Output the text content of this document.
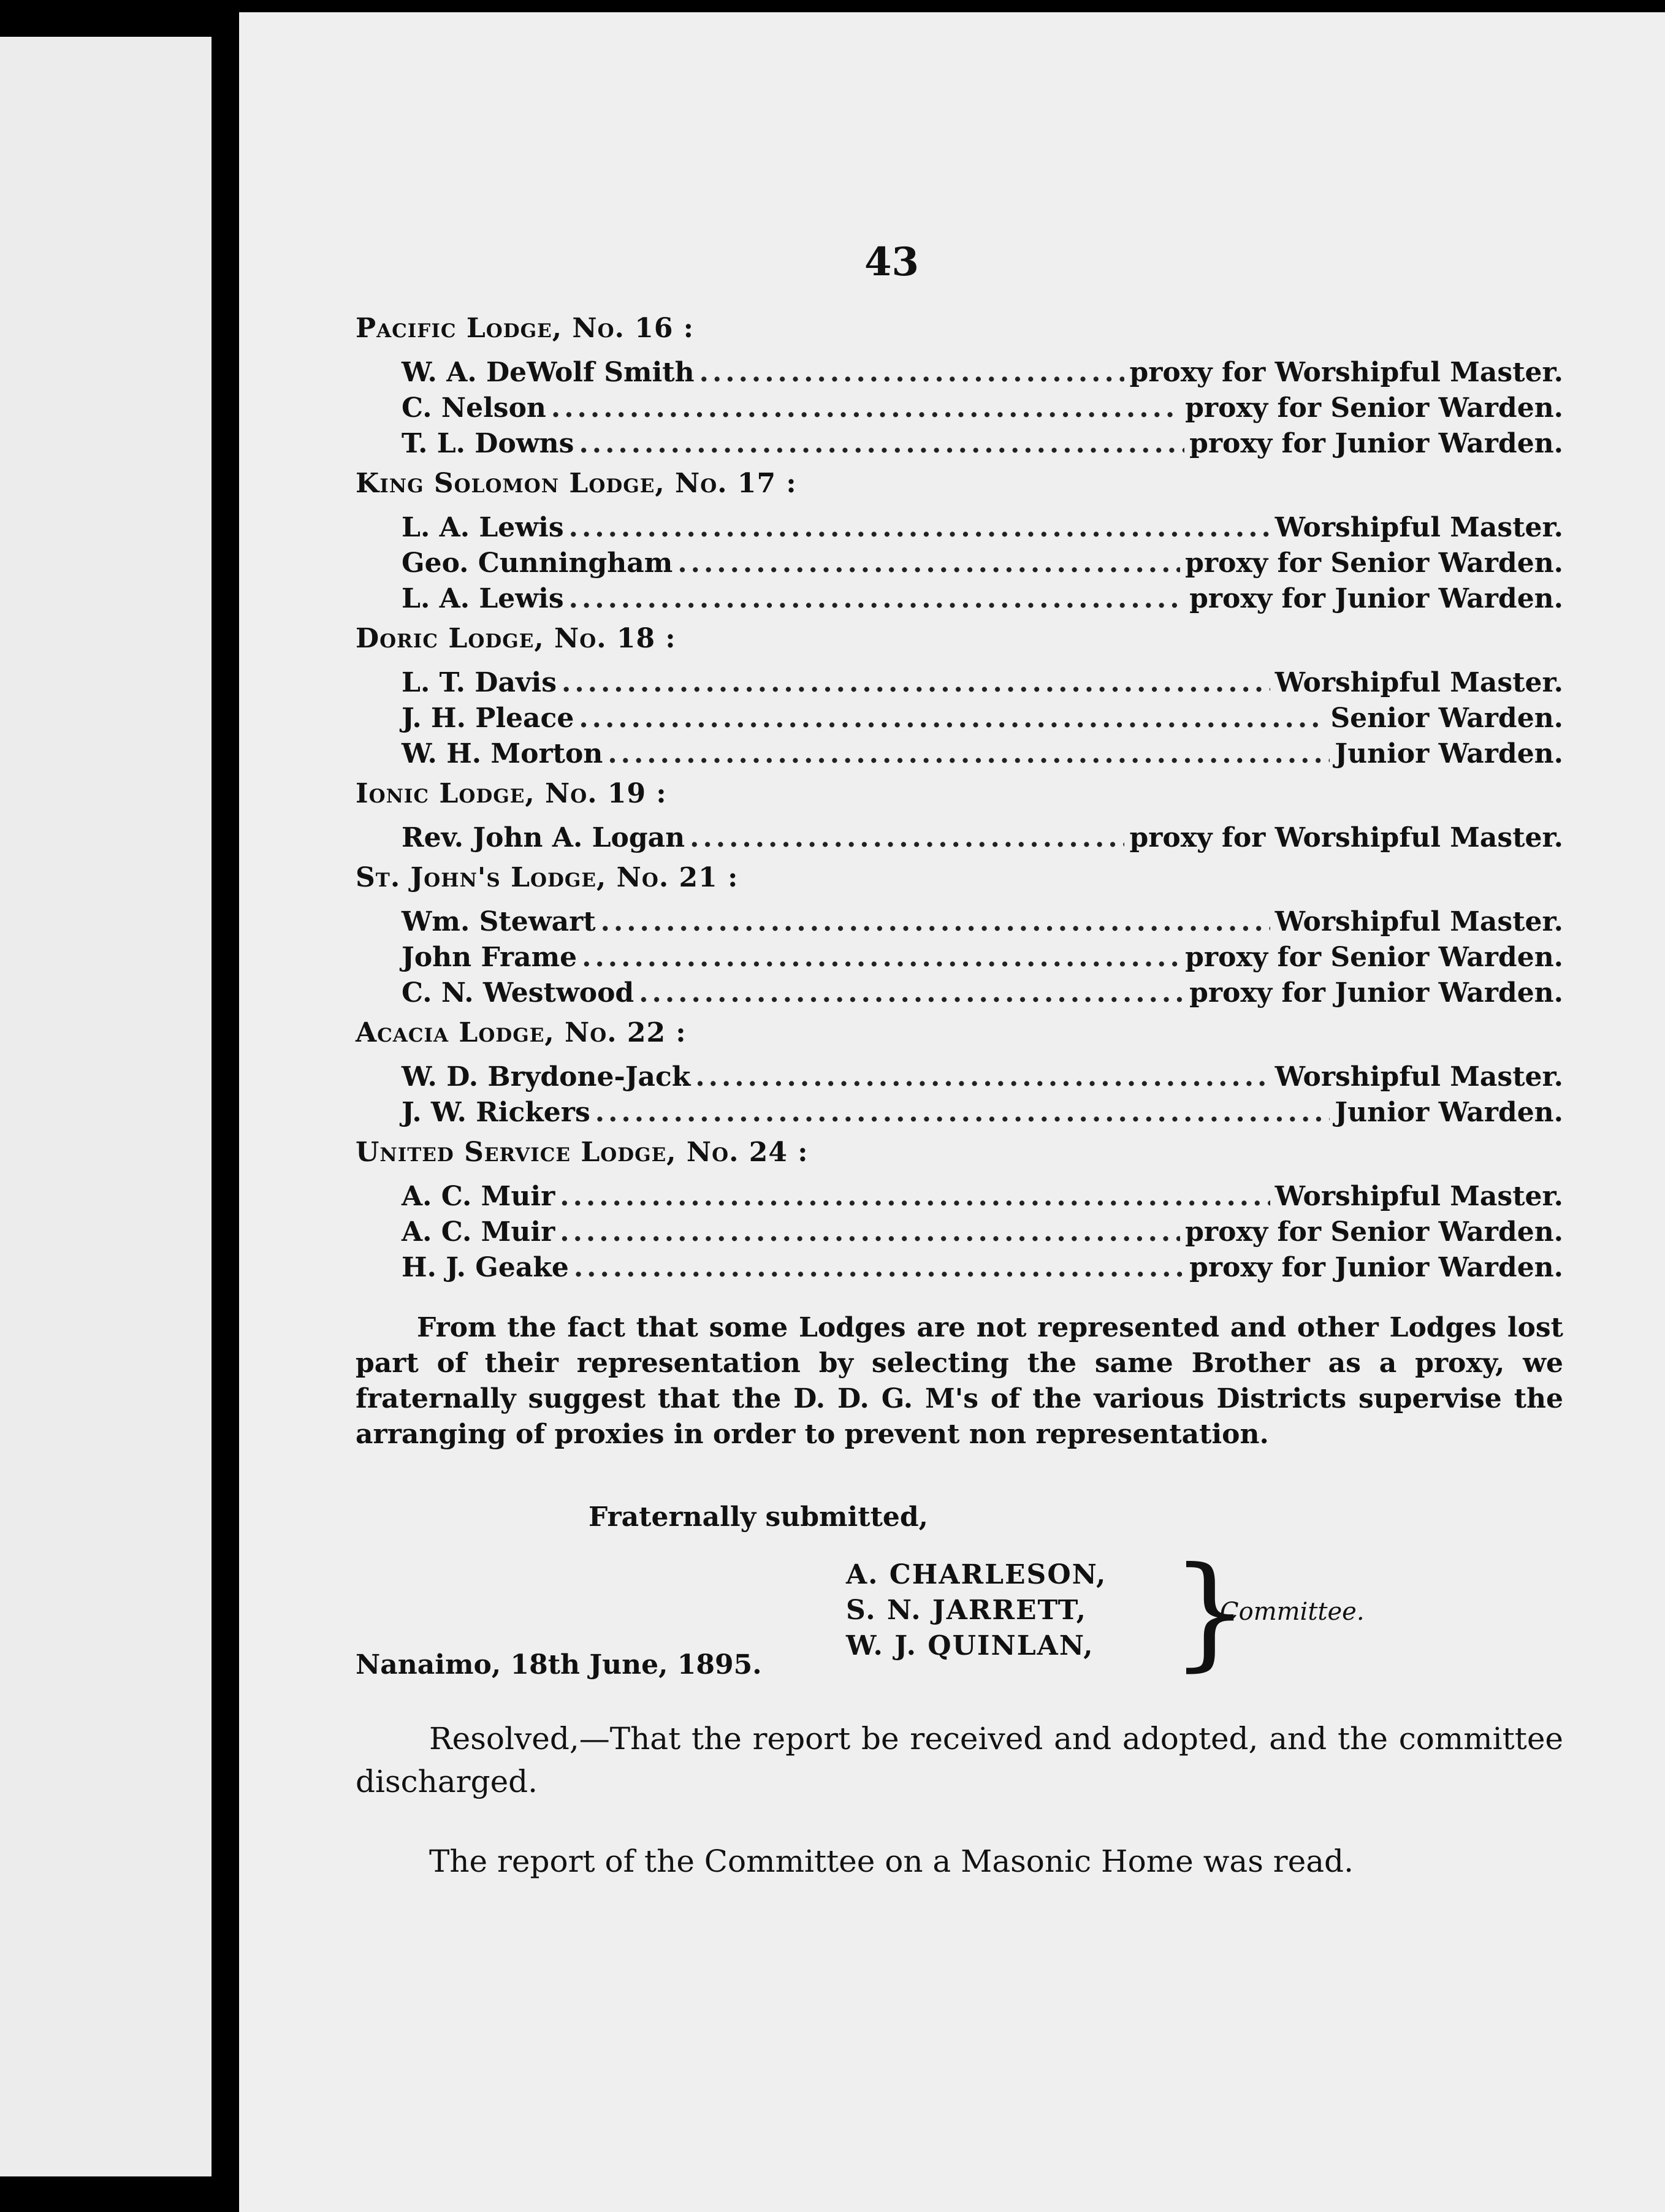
43
Pacific Lodge, No. 16 :
W. A. DeWolf Smith .....	proxy for Worshipful Master.
C. Nelson .....	proxy for Senior Warden.
T. L. Downs .....	proxy for Junior Warden.
King Solomon Lodge, No. 17 :
L. A. Lewis .....	Worshipful Master.
Geo. Cunningham .....	proxy for Senior Warden.
L. A. Lewis .....	proxy for Junior Warden.
Doric Lodge, No. 18 :
L. T. Davis .....	Worshipful Master.
J. H. Pleace .....	Senior Warden.
W. H. Morton .....	Junior Warden.
Ionic Lodge, No. 19 :
Rev. John A. Logan .....	proxy for Worshipful Master.
St. John's Lodge, No. 21 :
Wm. Stewart .....	Worshipful Master.
John Frame .....	proxy for Senior Warden.
C. N. Westwood .....	proxy for Junior Warden.
Acacia Lodge, No. 22 :
W. D. Brydone-Jack .....	Worshipful Master.
J. W. Rickers .....	Junior Warden.
United Service Lodge, No. 24 :
A. C. Muir .....	Worshipful Master.
A. C. Muir .....	proxy for Senior Warden.
H. J. Geake .....	proxy for Junior Warden.

From the fact that some Lodges are not represented and other Lodges lost part of their representation by selecting the same Brother as a proxy, we fraternally suggest that the D. D. G. M's of the various Districts supervise the arranging of proxies in order to prevent non representation.

Fraternally submitted,
A. CHARLESON,
S. N. JARRETT,
W. J. QUINLAN, }
Committee.
Nanaimo, 18th June, 1895.

Resolved,—That the report be received and adopted, and the committee discharged.

The report of the Committee on a Masonic Home was read.
